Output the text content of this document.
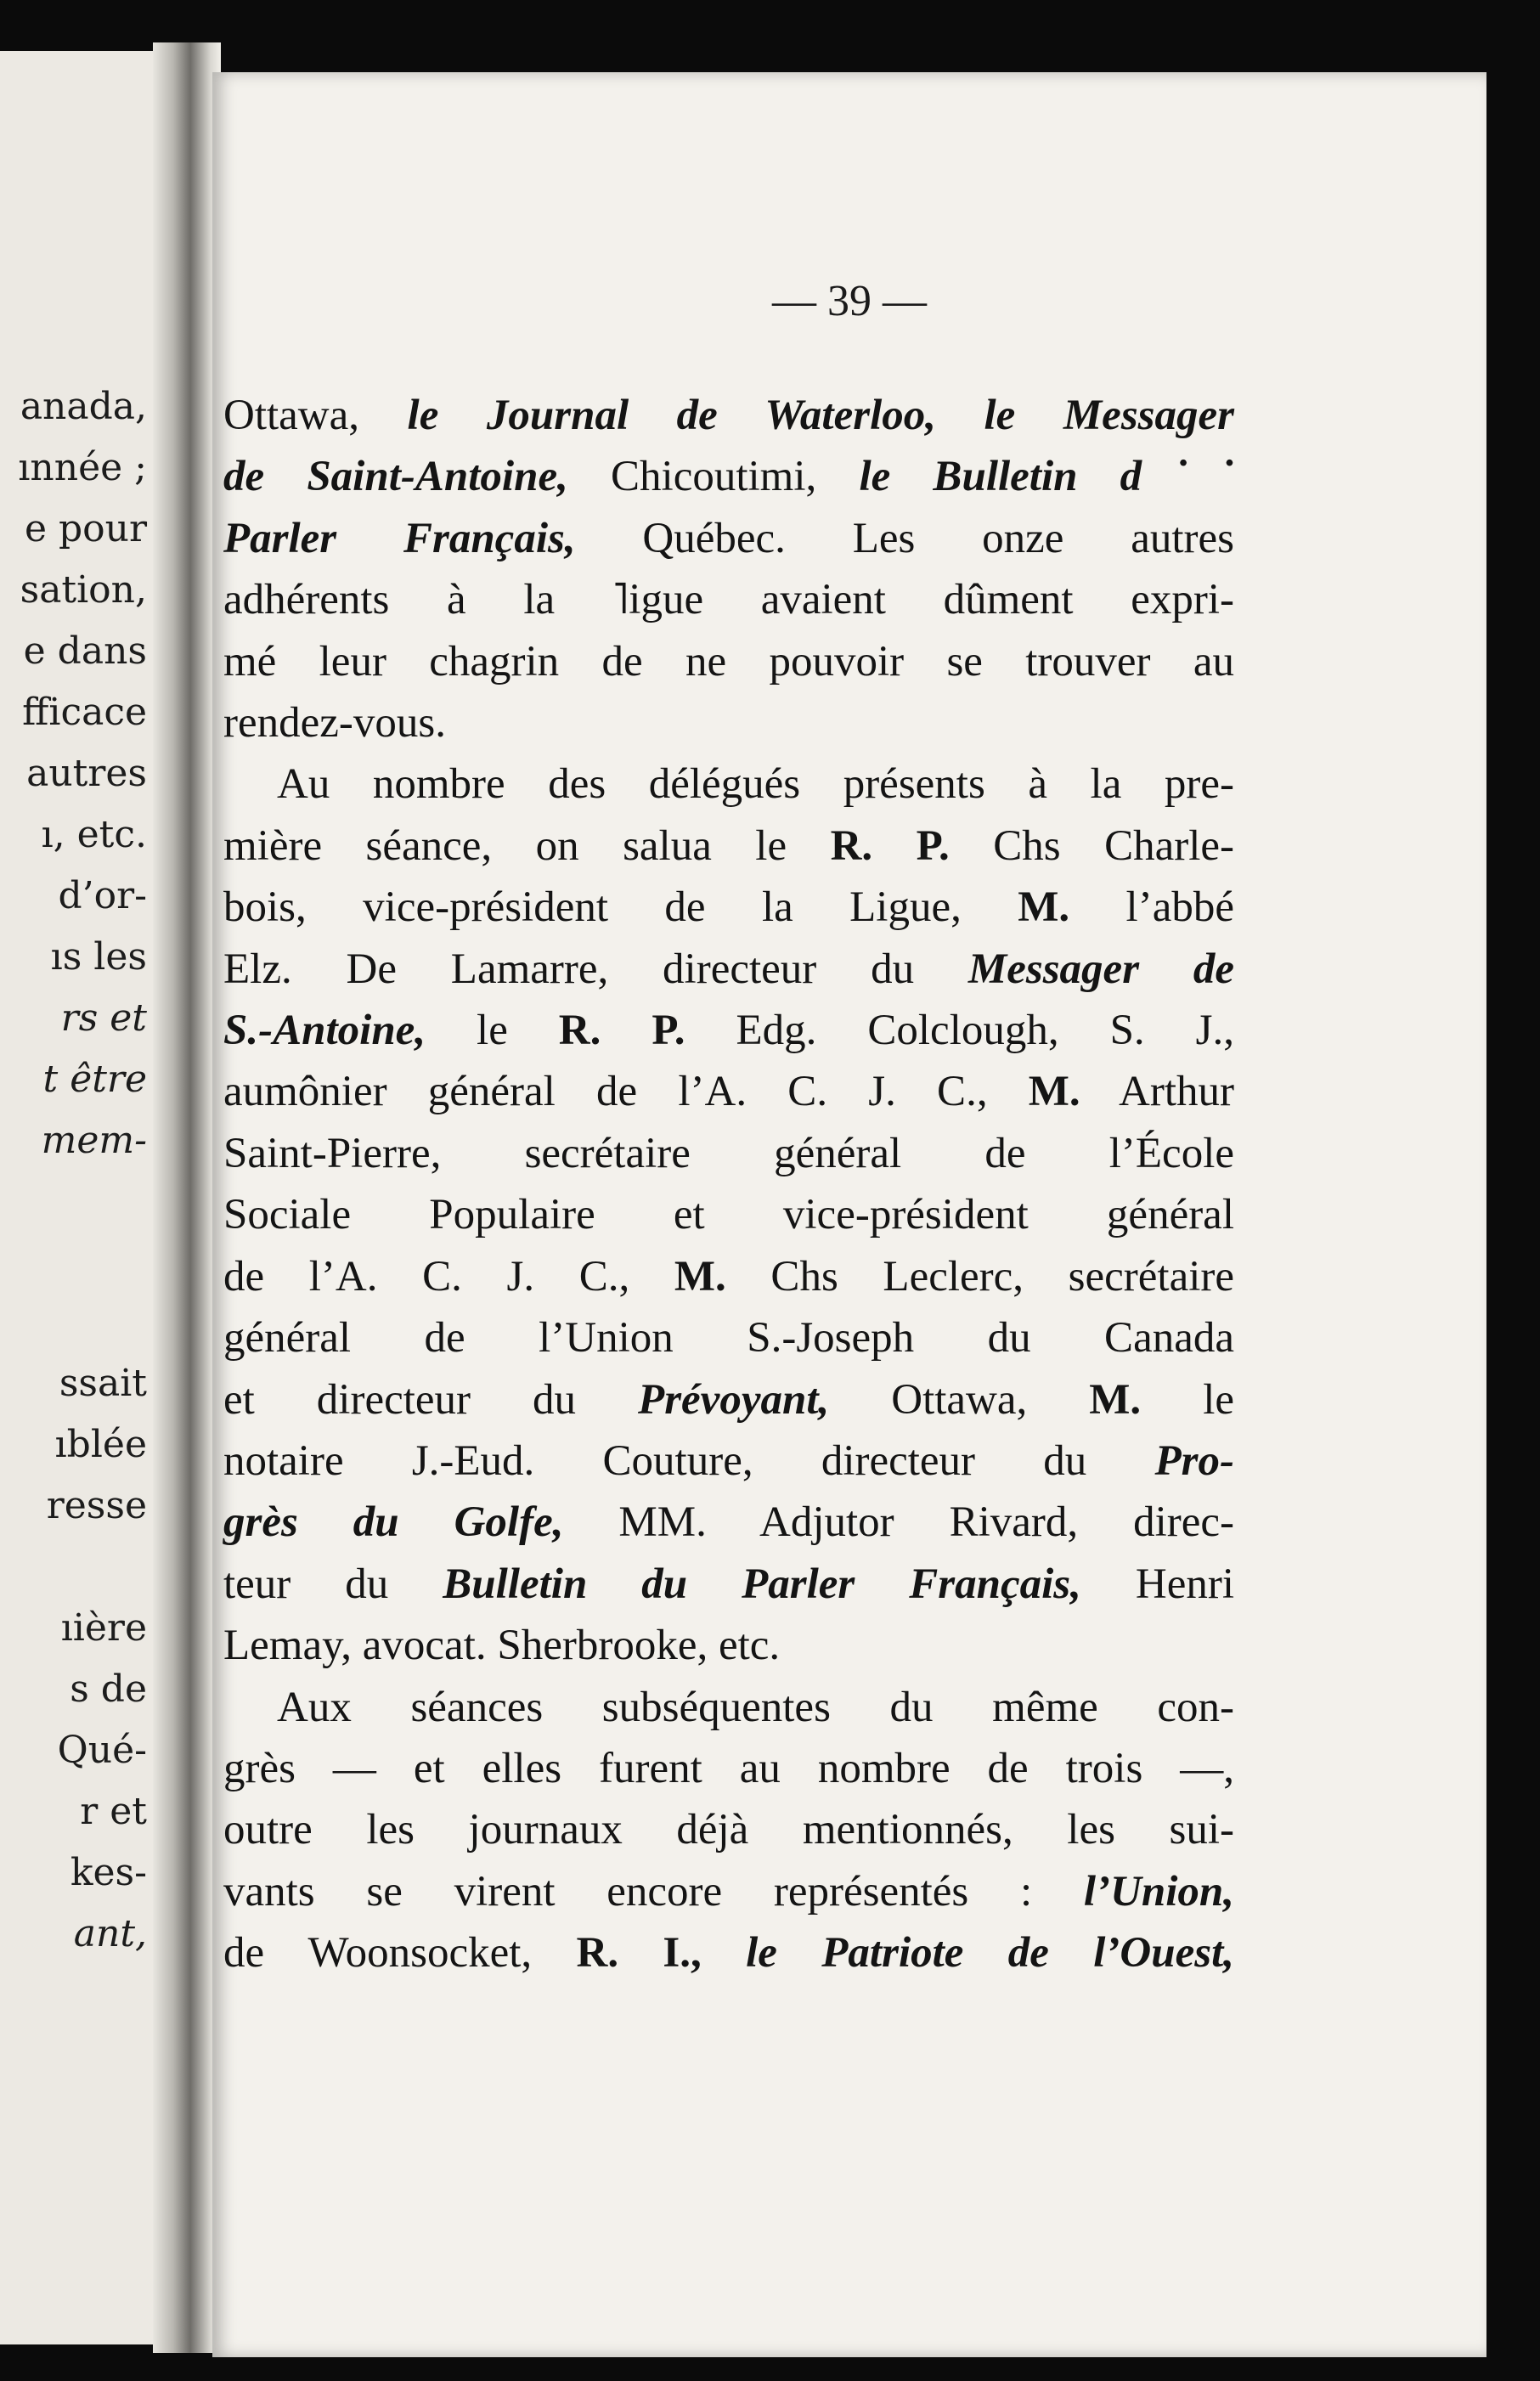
anada,

ınnée ;

e pour

sation,

e dans

fficace

autres

ı, etc.

d’or-

ıs les

rs et

t être

mem-

ssait

ıblée

resse

ıière

s de

Qué-

r et

kes-

ant,

— 39 —

Ottawa, le Journal de Waterloo, le Messager

de Saint-Antoine, Chicoutimi, le Bulletin d˙˙

Parler Français, Québec. Les onze autres

adhérents à la ˥igue avaient dûment expri-

mé leur chagrin de ne pouvoir se trouver au

rendez-vous.

Au nombre des délégués présents à la pre-

mière séance, on salua le R. P. Chs Charle-

bois, vice-président de la Ligue, M. l’abbé

Elz. De Lamarre, directeur du Messager de

S.-Antoine, le R. P. Edg. Colclough, S. J.,

aumônier général de l’A. C. J. C., M. Arthur

Saint-Pierre, secrétaire général de l’École

Sociale Populaire et vice-président général

de l’A. C. J. C., M. Chs Leclerc, secrétaire

général de l’Union S.-Joseph du Canada

et directeur du Prévoyant, Ottawa, M. le

notaire J.-Eud. Couture, directeur du Pro-

grès du Golfe, MM. Adjutor Rivard, direc-

teur du Bulletin du Parler Français, Henri

Lemay, avocat. Sherbrooke, etc.

Aux séances subséquentes du même con-

grès — et elles furent au nombre de trois —,

outre les journaux déjà mentionnés, les sui-

vants se virent encore représentés : l’Union,

de Woonsocket, R. I., le Patriote de l’Ouest,
